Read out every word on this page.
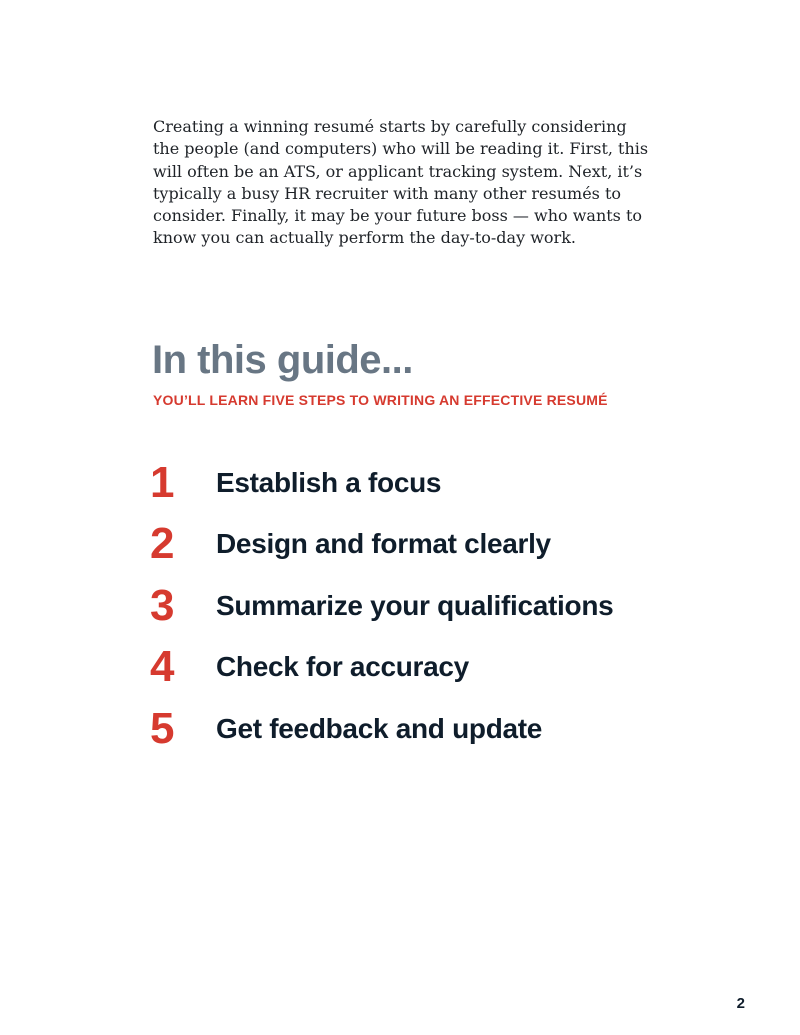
Creating a winning resumé starts by carefully considering the people (and computers) who will be reading it. First, this will often be an ATS, or applicant tracking system. Next, it’s typically a busy HR recruiter with many other resumés to consider. Finally, it may be your future boss — who wants to know you can actually perform the day-to-day work.

In this guide...
YOU’LL LEARN FIVE STEPS TO WRITING AN EFFECTIVE RESUMÉ
1	Establish a focus
2	Design and format clearly
3	Summarize your qualifications
4	Check for accuracy
5	Get feedback and update

2
